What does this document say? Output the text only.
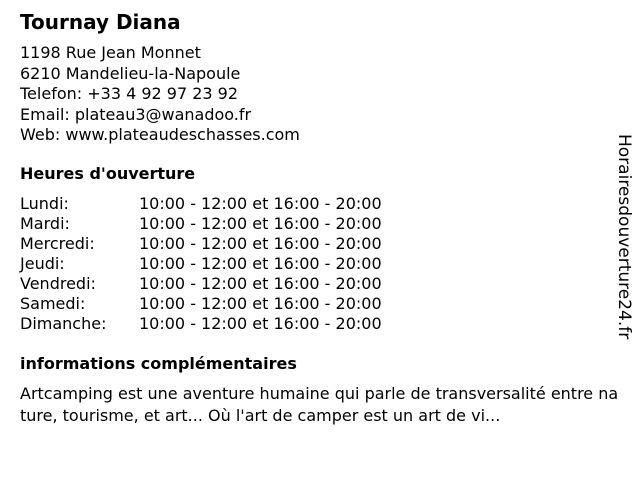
Tournay Diana
1198 Rue Jean Monnet
6210 Mandelieu-la-Napoule
Telefon: +33 4 92 97 23 92
Email: plateau3@wanadoo.fr
Web: www.plateaudeschasses.com
Heures d'ouverture
Lundi:	10:00 - 12:00 et 16:00 - 20:00
Mardi:	10:00 - 12:00 et 16:00 - 20:00
Mercredi:	10:00 - 12:00 et 16:00 - 20:00
Jeudi:	10:00 - 12:00 et 16:00 - 20:00
Vendredi:	10:00 - 12:00 et 16:00 - 20:00
Samedi:	10:00 - 12:00 et 16:00 - 20:00
Dimanche:	10:00 - 12:00 et 16:00 - 20:00
informations complémentaires
Artcamping est une aventure humaine qui parle de transversalité entre nature, tourisme, et art... Où l'art de camper est un art de vi...
Horairesdouverture24.fr
